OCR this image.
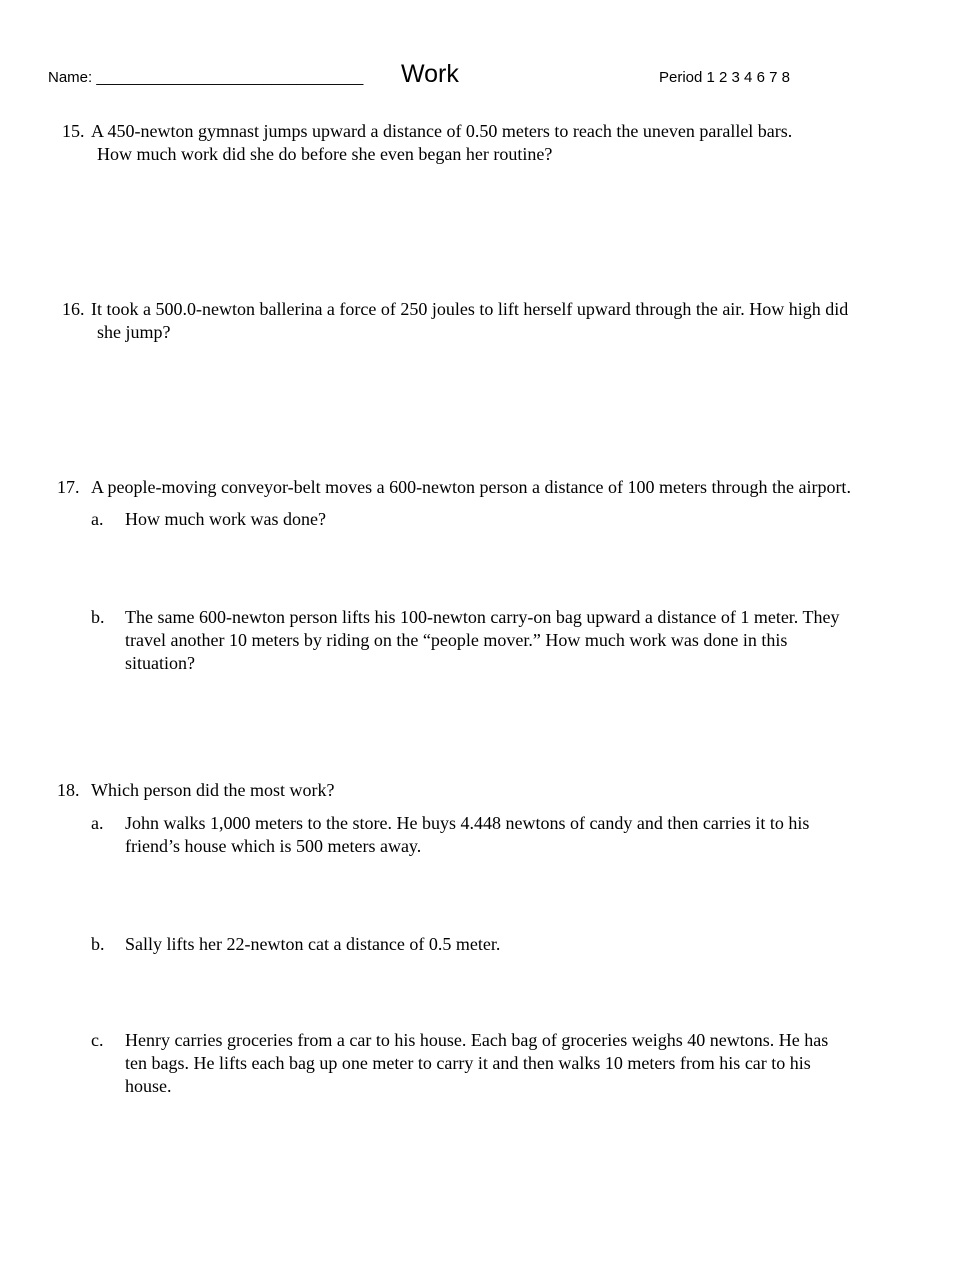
Name: ________________________________ Work	Period 1 2 3 4 6 7 8
15. A 450-newton gymnast jumps upward a distance of 0.50 meters to reach the uneven parallel bars.
How much work did she do before she even began her routine?
16. It took a 500.0-newton ballerina a force of 250 joules to lift herself upward through the air. How high did
she jump?
17. A people-moving conveyor-belt moves a 600-newton person a distance of 100 meters through the airport.
a. How much work was done?
b. The same 600-newton person lifts his 100-newton carry-on bag upward a distance of 1 meter. They
travel another 10 meters by riding on the “people mover.” How much work was done in this
situation?
18. Which person did the most work?
a. John walks 1,000 meters to the store. He buys 4.448 newtons of candy and then carries it to his
friend’s house which is 500 meters away.
b. Sally lifts her 22-newton cat a distance of 0.5 meter.
c. Henry carries groceries from a car to his house. Each bag of groceries weighs 40 newtons. He has
ten bags. He lifts each bag up one meter to carry it and then walks 10 meters from his car to his
house.
